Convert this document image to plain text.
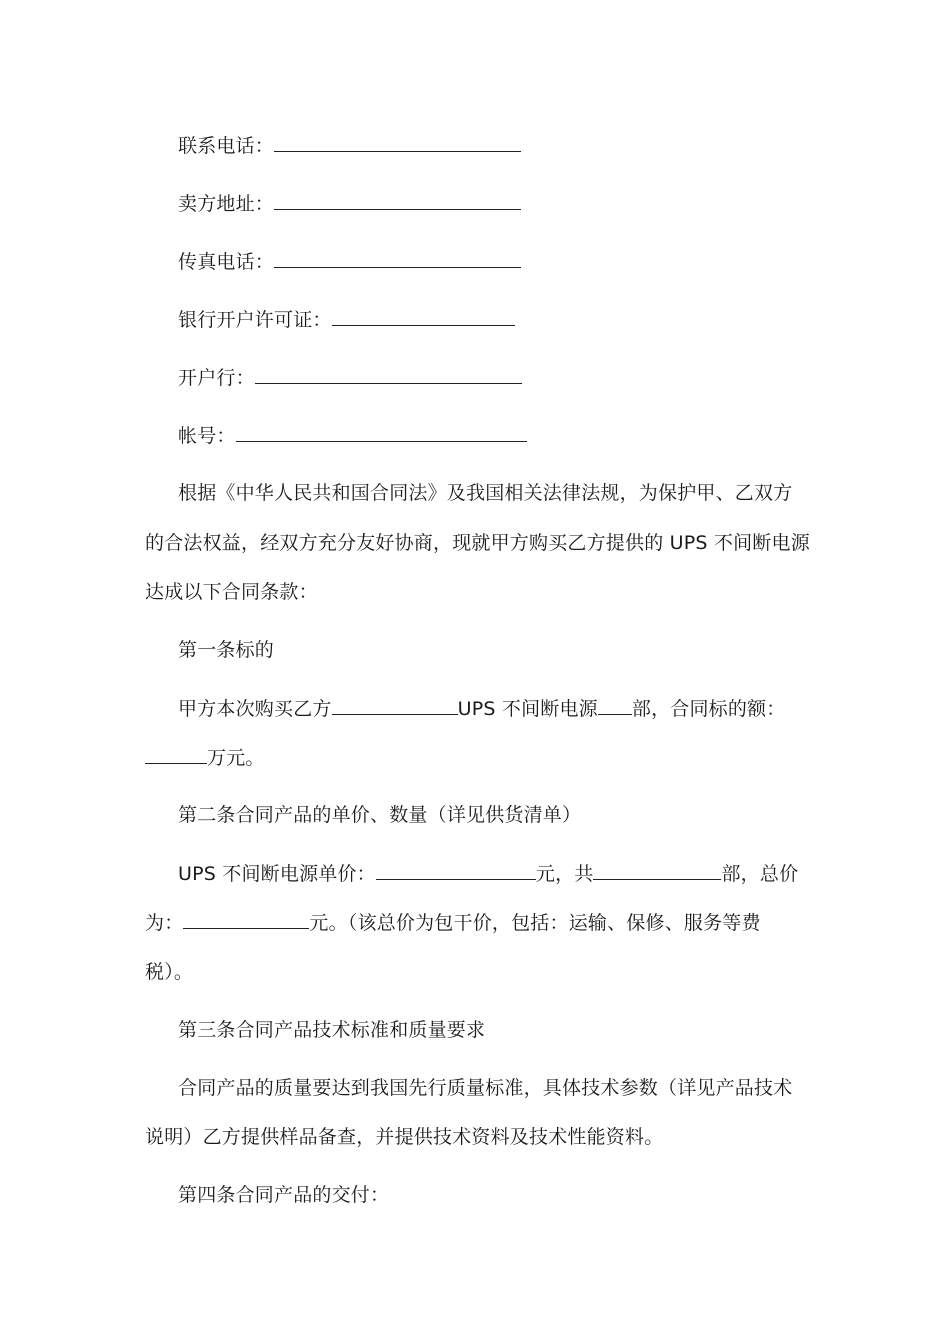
联系电话：
卖方地址：
传真电话：
银行开户许可证：
开户行：
帐号：
根据《中华人民共和国合同法》及我国相关法律法规，为保护甲、乙双方
的合法权益，经双方充分友好协商，现就甲方购买乙方提供的 UPS 不间断电源
达成以下合同条款：
第一条标的
甲方本次购买乙方	UPS 不间断电源 部，合同标的额：
万元。
第二条合同产品的单价、数量（详见供货清单）
UPS 不间断电源单价：	元，共	部，总价
为：	元。（该总价为包干价，包括：运输、保修、服务等费
税）。
第三条合同产品技术标准和质量要求
合同产品的质量要达到我国先行质量标准，具体技术参数（详见产品技术
说明）乙方提供样品备查，并提供技术资料及技术性能资料。
第四条合同产品的交付：
